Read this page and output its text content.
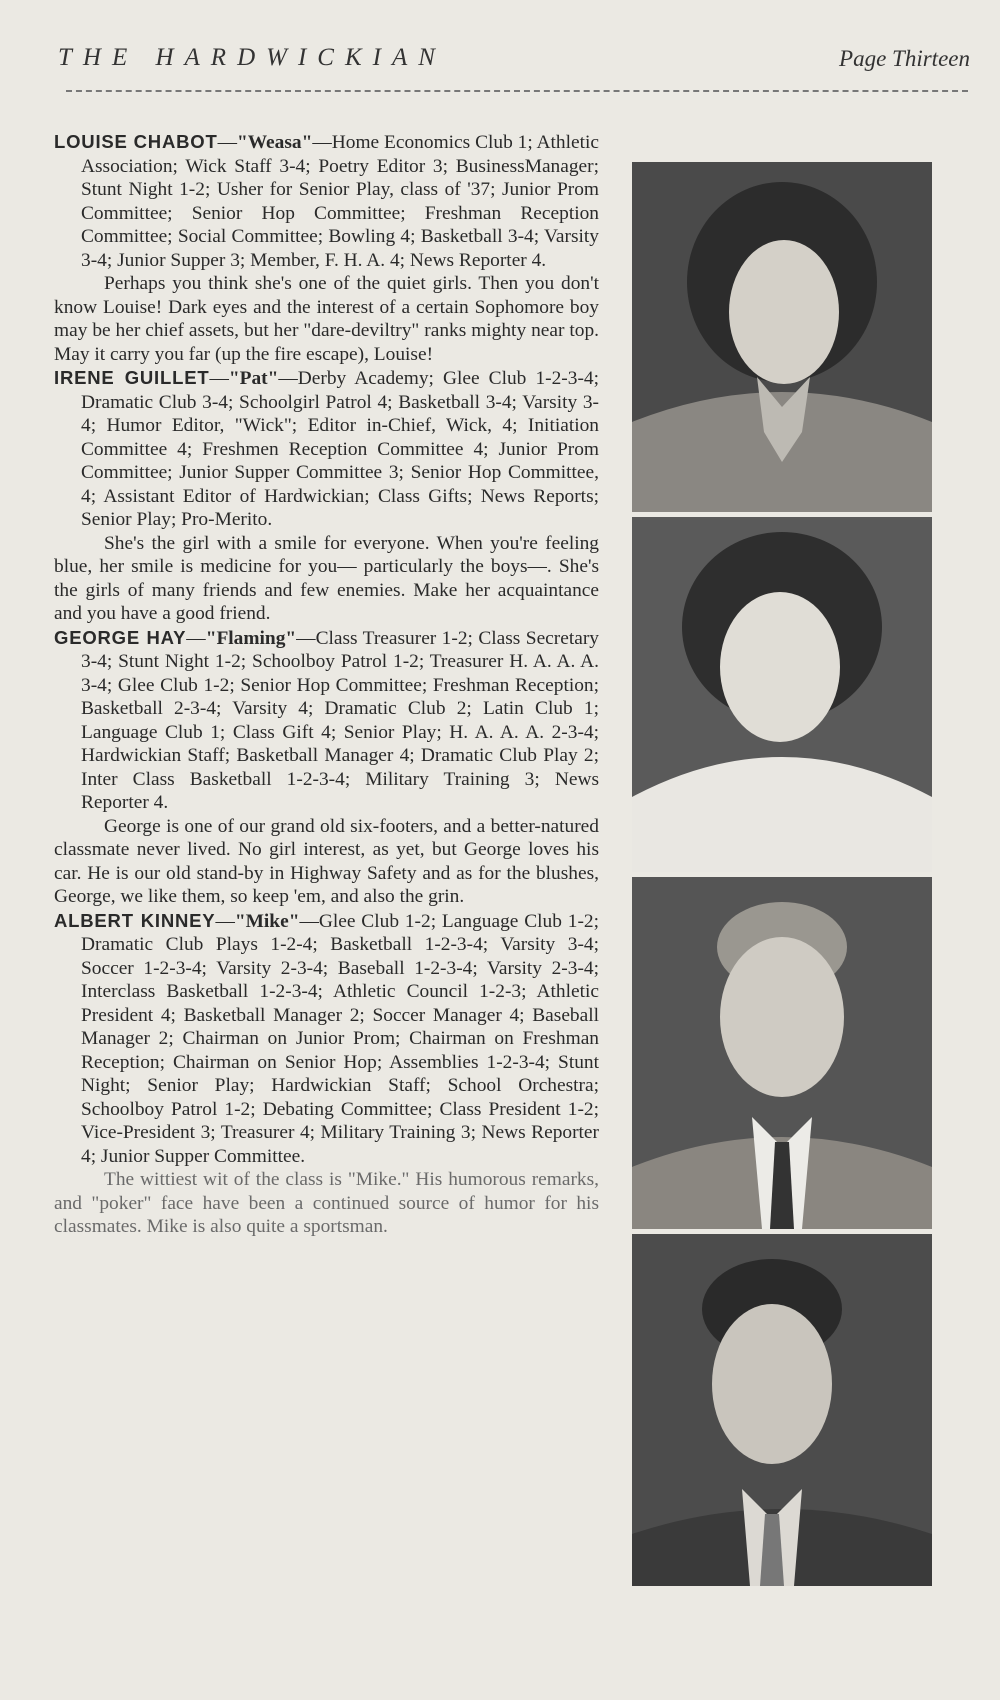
THE HARDWICKIAN	Page Thirteen

LOUISE CHABOT—"Weasa"—Home Economics Club 1; Athletic Association; Wick Staff 3-4; Poetry Editor 3; BusinessManager; Stunt Night 1-2; Usher for Senior Play, class of '37; Junior Prom Committee; Senior Hop Committee; Freshman Reception Committee; Social Committee; Bowling 4; Basketball 3-4; Varsity 3-4; Junior Supper 3; Member, F. H. A. 4; News Reporter 4.

Perhaps you think she's one of the quiet girls. Then you don't know Louise! Dark eyes and the interest of a certain Sophomore boy may be her chief assets, but her "dare-deviltry" ranks mighty near top. May it carry you far (up the fire escape), Louise!

IRENE GUILLET—"Pat"—Derby Academy; Glee Club 1-2-3-4; Dramatic Club 3-4; Schoolgirl Patrol 4; Basketball 3-4; Varsity 3-4; Humor Editor, "Wick"; Editor in-Chief, Wick, 4; Initiation Committee 4; Freshmen Reception Committee 4; Junior Prom Committee; Junior Supper Committee 3; Senior Hop Committee, 4; Assistant Editor of Hardwickian; Class Gifts; News Reports; Senior Play; Pro-Merito.

She's the girl with a smile for everyone. When you're feeling blue, her smile is medicine for you— particularly the boys—. She's the girls of many friends and few enemies. Make her acquaintance and you have a good friend.

GEORGE HAY—"Flaming"—Class Treasurer 1-2; Class Secretary 3-4; Stunt Night 1-2; Schoolboy Patrol 1-2; Treasurer H. A. A. A. 3-4; Glee Club 1-2; Senior Hop Committee; Freshman Reception; Basketball 2-3-4; Varsity 4; Dramatic Club 2; Latin Club 1; Language Club 1; Class Gift 4; Senior Play; H. A. A. A. 2-3-4; Hardwickian Staff; Basketball Manager 4; Dramatic Club Play 2; Inter Class Basketball 1-2-3-4; Military Training 3; News Reporter 4.

George is one of our grand old six-footers, and a better-natured classmate never lived. No girl interest, as yet, but George loves his car. He is our old stand-by in Highway Safety and as for the blushes, George, we like them, so keep 'em, and also the grin.

ALBERT KINNEY—"Mike"—Glee Club 1-2; Language Club 1-2; Dramatic Club Plays 1-2-4; Basketball 1-2-3-4; Varsity 3-4; Soccer 1-2-3-4; Varsity 2-3-4; Baseball 1-2-3-4; Varsity 2-3-4; Interclass Basketball 1-2-3-4; Athletic Council 1-2-3; Athletic President 4; Basketball Manager 2; Soccer Manager 4; Baseball Manager 2; Chairman on Junior Prom; Chairman on Freshman Reception; Chairman on Senior Hop; Assemblies 1-2-3-4; Stunt Night; Senior Play; Hardwickian Staff; School Orchestra; Schoolboy Patrol 1-2; Debating Committee; Class President 1-2; Vice-President 3; Treasurer 4; Military Training 3; News Reporter 4; Junior Supper Committee.

The wittiest wit of the class is "Mike." His humorous remarks, and "poker" face have been a continued source of humor for his classmates. Mike is also quite a sportsman.
